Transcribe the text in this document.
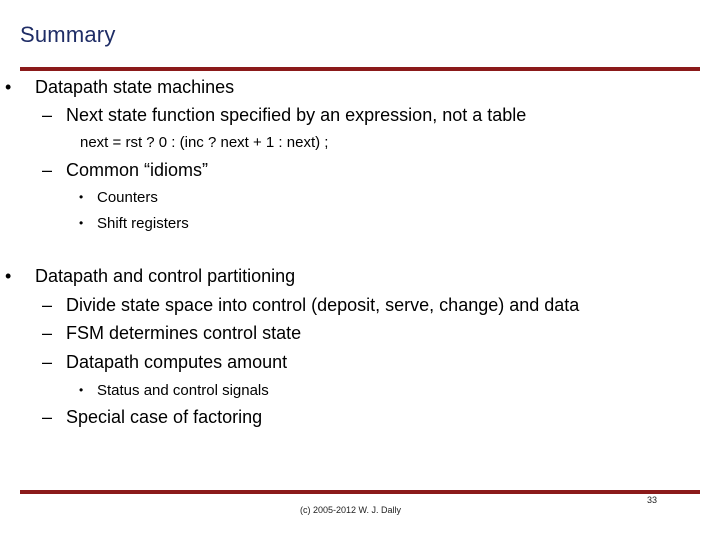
Summary
• Datapath state machines
– Next state function specified by an expression, not a table
next = rst ? 0 : (inc ? next + 1 : next) ;
– Common “idioms”
• Counters
• Shift registers
• Datapath and control partitioning
– Divide state space into control (deposit, serve, change) and data
– FSM determines control state
– Datapath computes amount
• Status and control signals
– Special case of factoring
(c) 2005-2012 W. J. Dally
33
